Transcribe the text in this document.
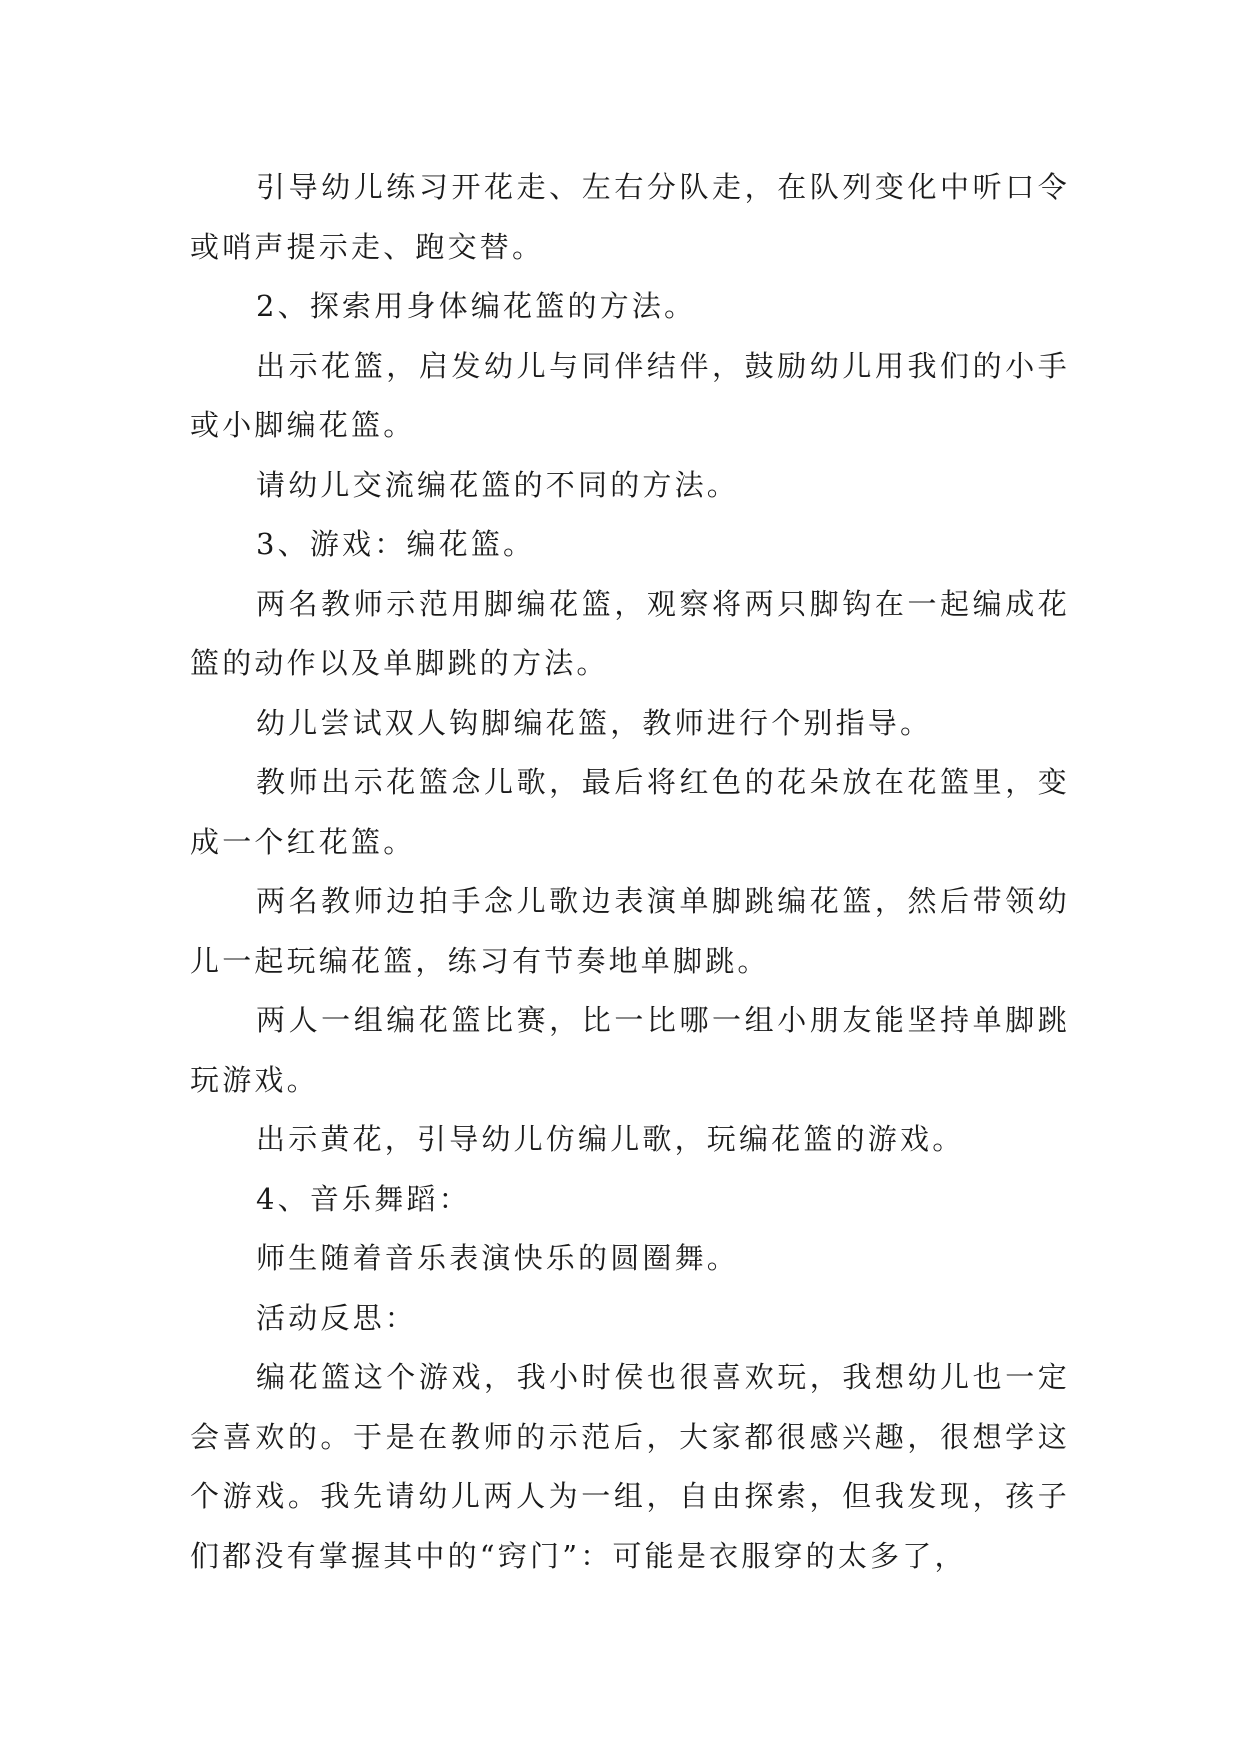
引导幼儿练习开花走、左右分队走，在队列变化中听口令或哨声提示走、跑交替。

2、探索用身体编花篮的方法。

出示花篮，启发幼儿与同伴结伴，鼓励幼儿用我们的小手或小脚编花篮。

请幼儿交流编花篮的不同的方法。

3、游戏：编花篮。

两名教师示范用脚编花篮，观察将两只脚钩在一起编成花篮的动作以及单脚跳的方法。

幼儿尝试双人钩脚编花篮，教师进行个别指导。

教师出示花篮念儿歌，最后将红色的花朵放在花篮里，变成一个红花篮。

两名教师边拍手念儿歌边表演单脚跳编花篮，然后带领幼儿一起玩编花篮，练习有节奏地单脚跳。

两人一组编花篮比赛，比一比哪一组小朋友能坚持单脚跳玩游戏。

出示黄花，引导幼儿仿编儿歌，玩编花篮的游戏。

4、音乐舞蹈：

师生随着音乐表演快乐的圆圈舞。

活动反思：

编花篮这个游戏，我小时侯也很喜欢玩，我想幼儿也一定会喜欢的。于是在教师的示范后，大家都很感兴趣，很想学这个游戏。我先请幼儿两人为一组，自由探索，但我发现，孩子们都没有掌握其中的“窍门”：可能是衣服穿的太多了，
